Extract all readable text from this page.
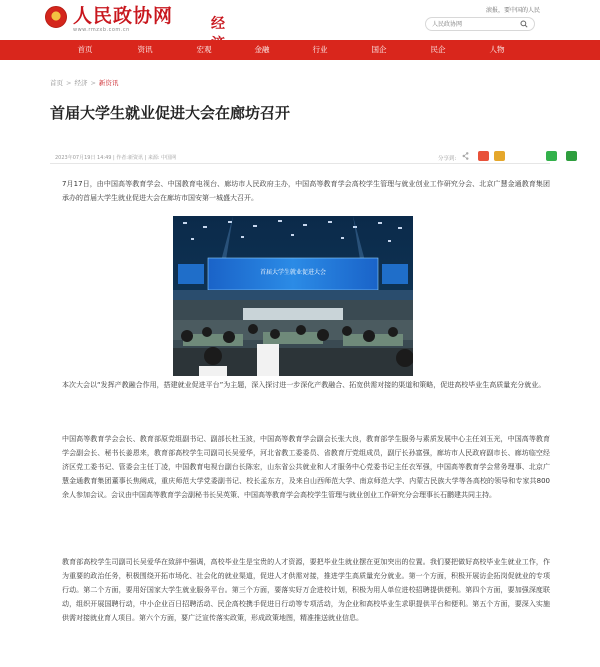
人民政协网
www.rmzxb.com.cn	经
滚报，要中国的人民
人民政协网
首页	资讯	宏观	金融	行业	国企	民企	人物
首页 > 经济 > 新资讯
首届大学生就业促进大会在廊坊召开
2023年07月19日 14:49 | 作者:新资讯 | 来源: 中国网	分享到:

7月17日，由中国高等教育学会、中国教育电视台、廊坊市人民政府主办，中国高等教育学会高校学生管理与就业创业工作研究分会、北京广慧金通教育集团承办的首届大学生就业促进大会在廊坊市国安第一城盛大召开。

首届大学生就业促进大会

本次大会以“发挥产教融合作用，搭建就业促进平台”为主题，深入探讨进一步深化产教融合、拓宽供需对接的渠道和策略，促进高校毕业生高质量充分就业。

中国高等教育学会会长、教育部原党组副书记、副部长杜玉波，中国高等教育学会副会长张大良，教育部学生服务与素质发展中心主任刘玉光，中国高等教育学会副会长、秘书长姜恩来，教育部高校学生司副司长吴爱华，河北省教工委委员、省教育厅党组成员，副厅长孙富强，廊坊市人民政府副市长、廊坊临空经济区党工委书记、管委会主任丁凌，中国教育电视台副台长陈宏，山东省公共就业和人才服务中心党委书记主任衣军强，中国高等教育学会常务理事、北京广慧金通教育集团董事长焦阙成，重庆师范大学党委副书记、校长孟东方，及来自山西师范大学、南京师范大学、内蒙古民族大学等各高校的领导和专家共800余人参加会议。会议由中国高等教育学会副秘书长吴英策、中国高等教育学会高校学生管理与就业创业工作研究分会理事长石鹏建共同主持。

教育部高校学生司副司长吴爱华在致辞中强调，高校毕业生是宝贵的人才资源，要把毕业生就业摆在更加突出的位置。我们要把做好高校毕业生就业工作，作为重要的政治任务，积极围绕开拓市场化、社会化的就业渠道，促进人才供需对接，推进学生高质量充分就业。第一个方面，积极开展访企拓岗促就业的专项行动。第二个方面，要用好国家大学生就业服务平台。第三个方面，要落实好万企进校计划，积极为用人单位进校招聘提供便利。第四个方面，要加强深度联动，组织开展国聘行动，中小企业百日招聘活动、民企高校携手促进日行动等专项活动，为企业和高校毕业生求职提供平台和便利。第五个方面，要深入实施供需对接就业育人项目。第六个方面，要广泛宣传落实政策，形成政策地图，精准推送就业信息。
